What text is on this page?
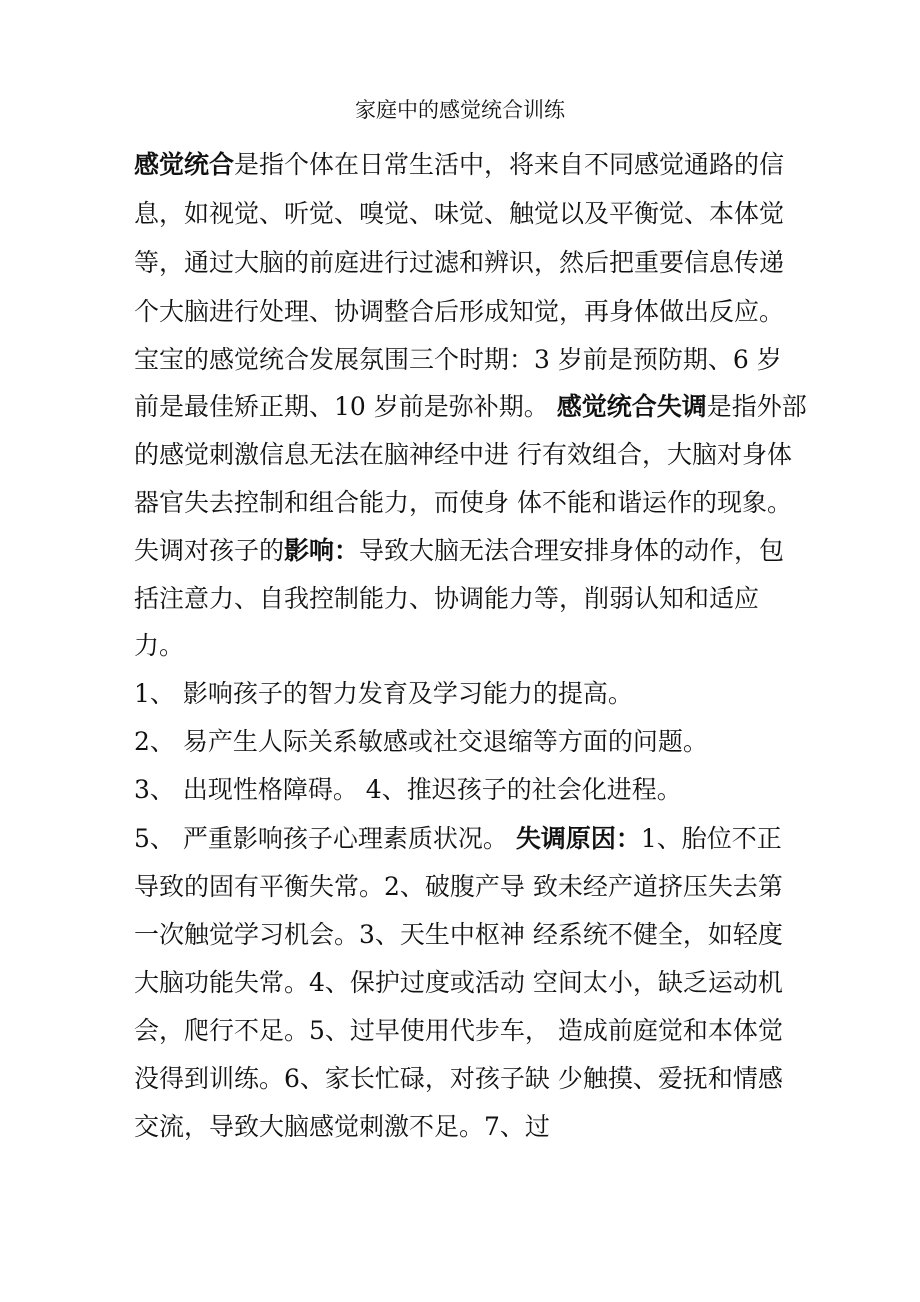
家庭中的感觉统合训练
感觉统合是指个体在日常生活中，将来自不同感觉通路的信
息，如视觉、听觉、嗅觉、味觉、触觉以及平衡觉、本体觉
等，通过大脑的前庭进行过滤和辨识，然后把重要信息传递
个大脑进行处理、协调整合后形成知觉，再身体做出反应。
宝宝的感觉统合发展氛围三个时期：3 岁前是预防期、6 岁
前是最佳矫正期、10 岁前是弥补期。 感觉统合失调是指外部
的感觉刺激信息无法在脑神经中进 行有效组合，大脑对身体
器官失去控制和组合能力，而使身 体不能和谐运作的现象。
失调对孩子的影响：导致大脑无法合理安排身体的动作，包
括注意力、自我控制能力、协调能力等，削弱认知和适应
力。
1、 影响孩子的智力发育及学习能力的提高。
2、 易产生人际关系敏感或社交退缩等方面的问题。
3、 出现性格障碍。 4、推迟孩子的社会化进程。
5、 严重影响孩子心理素质状况。 失调原因：1、胎位不正
导致的固有平衡失常。2、破腹产导 致未经产道挤压失去第
一次触觉学习机会。3、天生中枢神 经系统不健全，如轻度
大脑功能失常。4、保护过度或活动 空间太小，缺乏运动机
会，爬行不足。5、过早使用代步车， 造成前庭觉和本体觉
没得到训练。6、家长忙碌，对孩子缺 少触摸、爱抚和情感
交流，导致大脑感觉刺激不足。7、过
